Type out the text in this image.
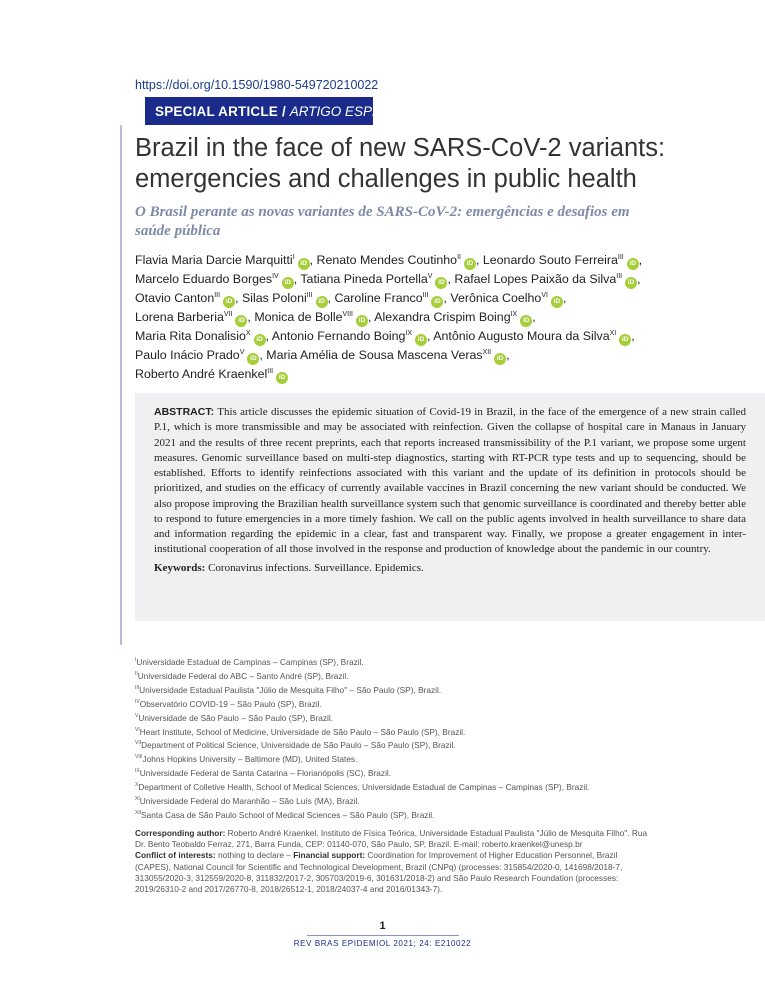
https://doi.org/10.1590/1980-549720210022
SPECIAL ARTICLE / ARTIGO ESPECIAL
Brazil in the face of new SARS-CoV-2 variants: emergencies and challenges in public health
O Brasil perante as novas variantes de SARS-CoV-2: emergências e desafios em saúde pública
Flavia Maria Darcie Marquitti$^I$iD , Renato Mendes Coutinho$^{II}$iD , Leonardo Souto Ferreira$^{III}$iD , Marcelo Eduardo Borges$^{IV}$iD , Tatiana Pineda Portella$^V$iD , Rafael Lopes Paixão da Silva$^{III}$iD , Otavio Canton$^{III}$iD , Silas Poloni$^{III}$iD , Caroline Franco$^{III}$iD , Verônica Coelho$^{VI}$iD , Lorena Barberia$^{VII}$iD , Monica de Bolle$^{VIII}$iD , Alexandra Crispim Boing$^{IX}$iD , Maria Rita Donalisio$^X$iD , Antonio Fernando Boing$^{IX}$iD , Antônio Augusto Moura da Silva$^{XI}$iD , Paulo Inácio Prado$^V$iD , Maria Amélia de Sousa Mascena Veras$^{XII}$iD , Roberto André Kraenkel$^{III}$iD

ABSTRACT: This article discusses the epidemic situation of Covid-19 in Brazil, in the face of the emergence of a new strain called P.1, which is more transmissible and may be associated with reinfection. Given the collapse of hospital care in Manaus in January 2021 and the results of three recent preprints, each that reports increased transmissibility of the P.1 variant, we propose some urgent measures. Genomic surveillance based on multi-step diagnostics, starting with RT-PCR type tests and up to sequencing, should be established. Efforts to identify reinfections associated with this variant and the update of its definition in protocols should be prioritized, and studies on the efficacy of currently available vaccines in Brazil concerning the new variant should be conducted. We also propose improving the Brazilian health surveillance system such that genomic surveillance is coordinated and thereby better able to respond to future emergencies in a more timely fashion. We call on the public agents involved in health surveillance to share data and information regarding the epidemic in a clear, fast and transparent way. Finally, we propose a greater engagement in inter-institutional cooperation of all those involved in the response and production of knowledge about the pandemic in our country.

Keywords: Coronavirus infections. Surveillance. Epidemics.

$^I$Universidade Estadual de Campinas – Campinas (SP), Brazil.
$^{II}$Universidade Federal do ABC – Santo André (SP), Brazil.
$^{III}$Universidade Estadual Paulista "Júlio de Mesquita Filho" – São Paulo (SP), Brazil.
$^{IV}$Observatório COVID-19 – São Paulo (SP), Brazil.
$^V$Universidade de São Paulo – São Paulo (SP), Brazil.
$^{VI}$Heart Institute, School of Medicine, Universidade de São Paulo – São Paulo (SP), Brazil.
$^{VII}$Department of Political Science, Universidade de São Paulo – São Paulo (SP), Brazil.
$^{VIII}$Johns Hopkins University – Baltimore (MD), United States.
$^{IX}$Universidade Federal de Santa Catarina – Florianópolis (SC), Brazil.
$^X$Department of Colletive Health, School of Medical Sciences, Universidade Estadual de Campinas – Campinas (SP), Brazil.
$^{XI}$Universidade Federal do Maranhão – São Luís (MA), Brazil.
$^{XII}$Santa Casa de São Paulo School of Medical Sciences – São Paulo (SP), Brazil.

Corresponding author: Roberto André Kraenkel. Instituto de Física Teórica, Universidade Estadual Paulista "Júlio de Mesquita Filho". Rua Dr. Bento Teobaldo Ferraz, 271, Barra Funda, CEP: 01140-070, São Paulo, SP, Brazil. E-mail: roberto.kraenkel@unesp.br

Conflict of interests: nothing to declare – Financial support: Coordination for Improvement of Higher Education Personnel, Brazil (CAPES), National Council for Scientific and Technological Development, Brazil (CNPq) (processes: 315854/2020-0, 141698/2018-7, 313055/2020-3, 312559/2020-8, 311832/2017-2, 305703/2019-6, 301631/2018-2) and São Paulo Research Foundation (processes: 2019/26310-2 and 2017/26770-8, 2018/26512-1, 2018/24037-4 and 2016/01343-7).

1
REV BRAS EPIDEMIOL 2021; 24: E210022
